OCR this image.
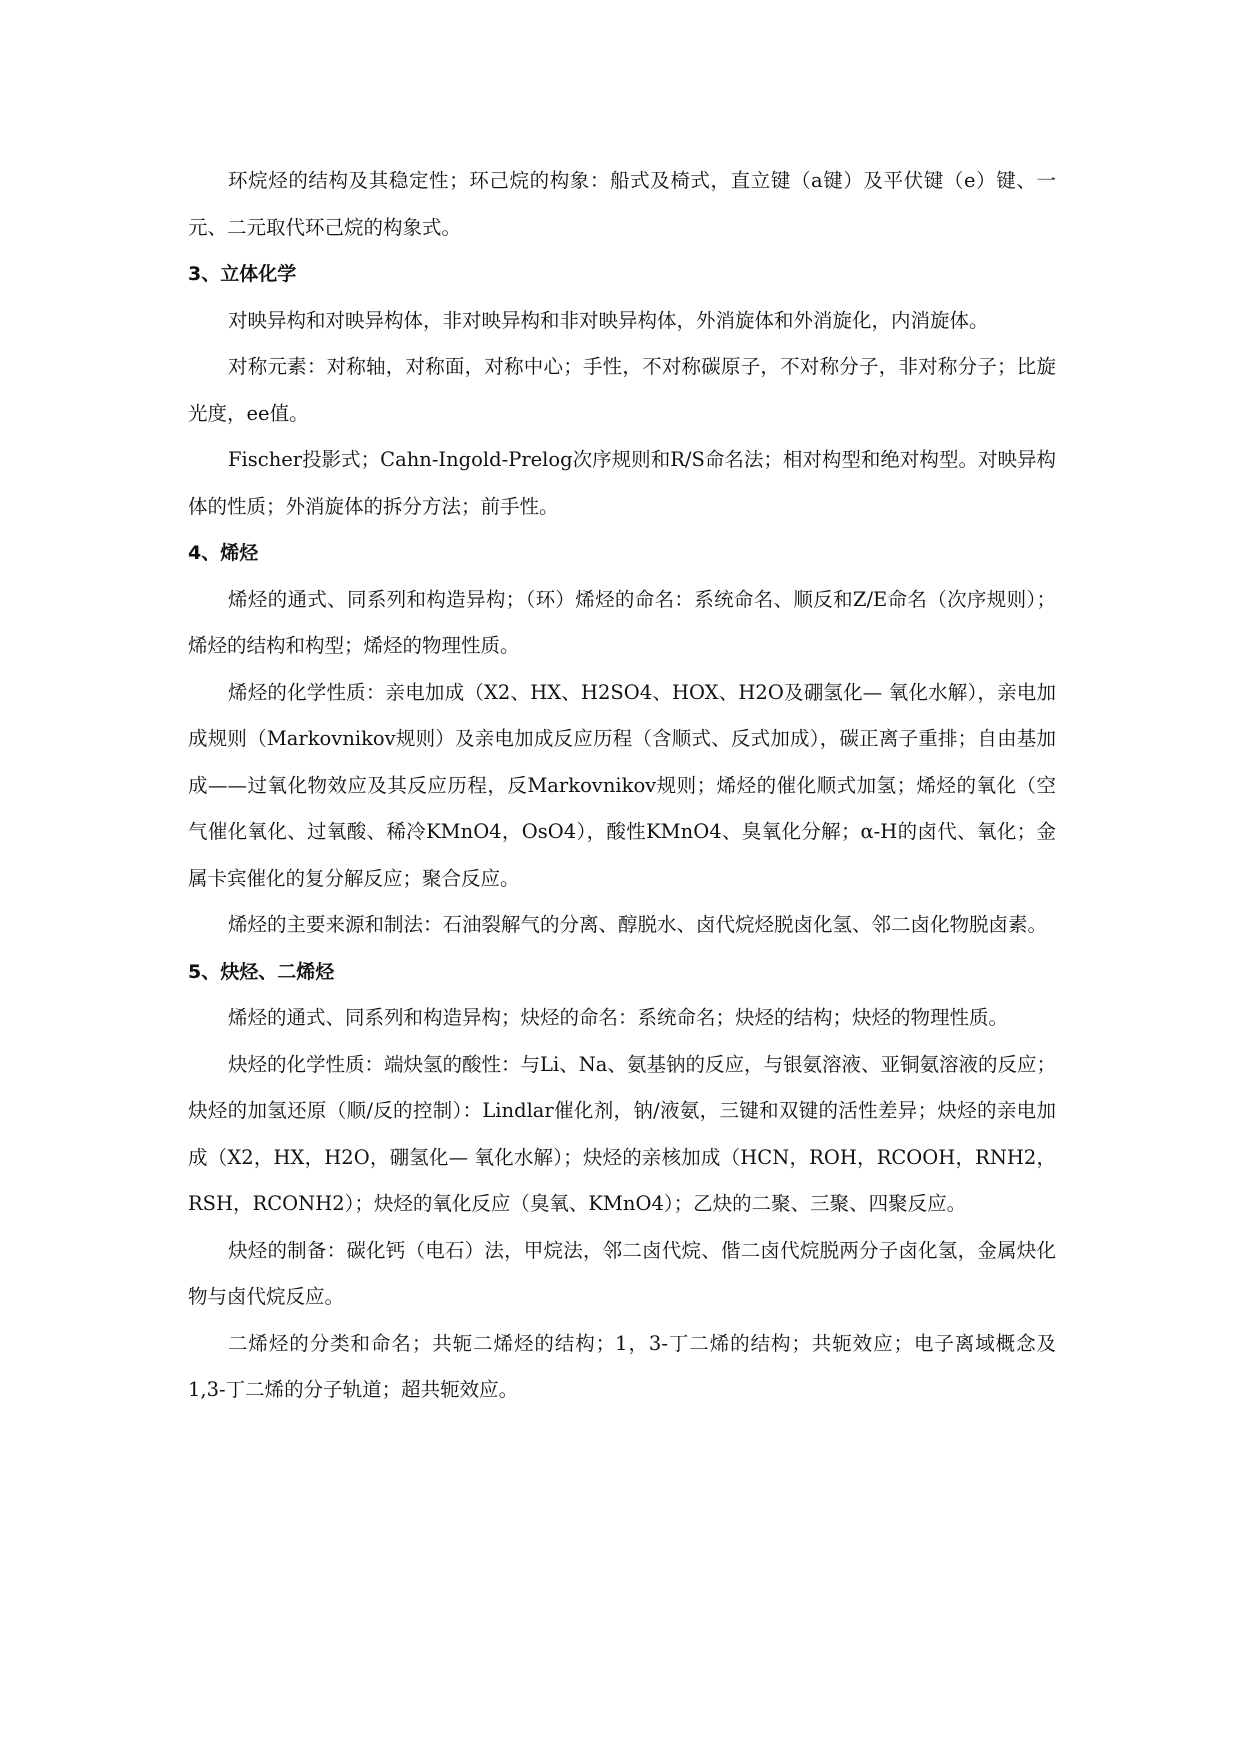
环烷烃的结构及其稳定性；环己烷的构象：船式及椅式，直立键（a键）及平伏键（e）键、一元、二元取代环己烷的构象式。

3、立体化学

对映异构和对映异构体，非对映异构和非对映异构体，外消旋体和外消旋化，内消旋体。

对称元素：对称轴，对称面，对称中心；手性，不对称碳原子，不对称分子，非对称分子；比旋光度，ee值。

Fischer投影式；Cahn-Ingold-Prelog次序规则和R/S命名法；相对构型和绝对构型。对映异构体的性质；外消旋体的拆分方法；前手性。

4、烯烃

烯烃的通式、同系列和构造异构；（环）烯烃的命名：系统命名、顺反和Z/E命名（次序规则）；烯烃的结构和构型；烯烃的物理性质。

烯烃的化学性质：亲电加成（X2、HX、H2SO4、HOX、H2O及硼氢化— 氧化水解），亲电加成规则（Markovnikov规则）及亲电加成反应历程（含顺式、反式加成），碳正离子重排；自由基加成——过氧化物效应及其反应历程，反Markovnikov规则；烯烃的催化顺式加氢；烯烃的氧化（空气催化氧化、过氧酸、稀冷KMnO4，OsO4），酸性KMnO4、臭氧化分解；α-H的卤代、氧化；金属卡宾催化的复分解反应；聚合反应。

烯烃的主要来源和制法：石油裂解气的分离、醇脱水、卤代烷烃脱卤化氢、邻二卤化物脱卤素。

5、炔烃、二烯烃

烯烃的通式、同系列和构造异构；炔烃的命名：系统命名；炔烃的结构；炔烃的物理性质。

炔烃的化学性质：端炔氢的酸性：与Li、Na、氨基钠的反应，与银氨溶液、亚铜氨溶液的反应；炔烃的加氢还原（顺/反的控制）：Lindlar催化剂，钠/液氨，三键和双键的活性差异；炔烃的亲电加成（X2，HX，H2O，硼氢化— 氧化水解）；炔烃的亲核加成（HCN，ROH，RCOOH，RNH2，RSH，RCONH2）；炔烃的氧化反应（臭氧、KMnO4）；乙炔的二聚、三聚、四聚反应。

炔烃的制备：碳化钙（电石）法，甲烷法，邻二卤代烷、偕二卤代烷脱两分子卤化氢，金属炔化物与卤代烷反应。

二烯烃的分类和命名；共轭二烯烃的结构；1，3-丁二烯的结构；共轭效应；电子离域概念及1,3-丁二烯的分子轨道；超共轭效应。
